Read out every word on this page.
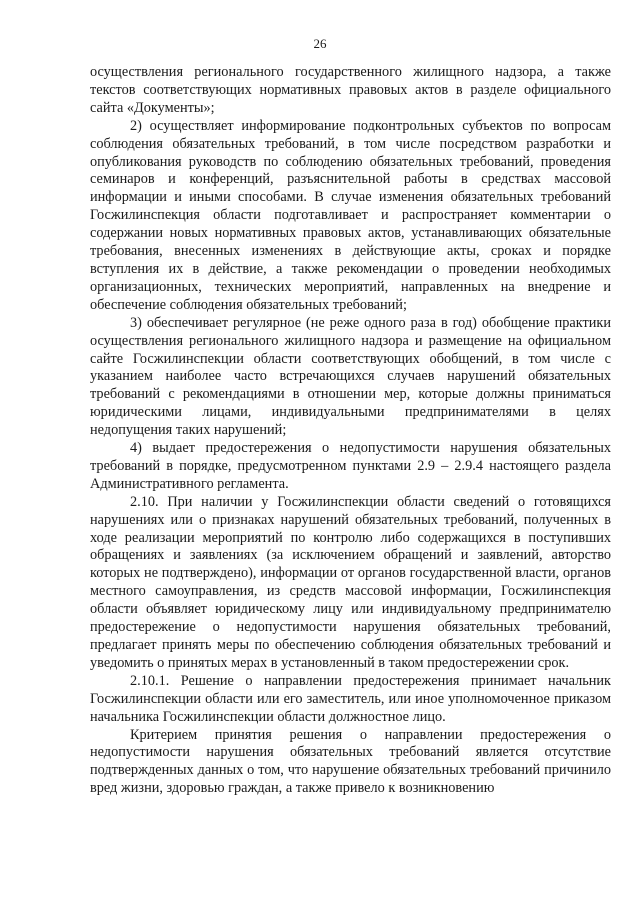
26

осуществления регионального государственного жилищного надзора, а также текстов соответствующих нормативных правовых актов в разделе официального сайта «Документы»;

2) осуществляет информирование подконтрольных субъектов по вопросам соблюдения обязательных требований, в том числе посредством разработки и опубликования руководств по соблюдению обязательных требований, проведения семинаров и конференций, разъяснительной работы в средствах массовой информации и иными способами. В случае изменения обязательных требований Госжилинспекция области подготавливает и распространяет комментарии о содержании новых нормативных правовых актов, устанавливающих обязательные требования, внесенных изменениях в действующие акты, сроках и порядке вступления их в действие, а также рекомендации о проведении необходимых организационных, технических мероприятий, направленных на внедрение и обеспечение соблюдения обязательных требований;

3) обеспечивает регулярное (не реже одного раза в год) обобщение практики осуществления регионального жилищного надзора и размещение на официальном сайте Госжилинспекции области соответствующих обобщений, в том числе с указанием наиболее часто встречающихся случаев нарушений обязательных требований с рекомендациями в отношении мер, которые должны приниматься юридическими лицами, индивидуальными предпринимателями в целях недопущения таких нарушений;

4) выдает предостережения о недопустимости нарушения обязательных требований в порядке, предусмотренном пунктами 2.9 – 2.9.4 настоящего раздела Административного регламента.

2.10. При наличии у Госжилинспекции области сведений о готовящихся нарушениях или о признаках нарушений обязательных требований, полученных в ходе реализации мероприятий по контролю либо содержащихся в поступивших обращениях и заявлениях (за исключением обращений и заявлений, авторство которых не подтверждено), информации от органов государственной власти, органов местного самоуправления, из средств массовой информации, Госжилинспекция области объявляет юридическому лицу или индивидуальному предпринимателю предостережение о недопустимости нарушения обязательных требований, предлагает принять меры по обеспечению соблюдения обязательных требований и уведомить о принятых мерах в установленный в таком предостережении срок.

2.10.1. Решение о направлении предостережения принимает начальник Госжилинспекции области или его заместитель, или иное уполномоченное приказом начальника Госжилинспекции области должностное лицо.

Критерием принятия решения о направлении предостережения о недопустимости нарушения обязательных требований является отсутствие подтвержденных данных о том, что нарушение обязательных требований причинило вред жизни, здоровью граждан, а также привело к возникновению
